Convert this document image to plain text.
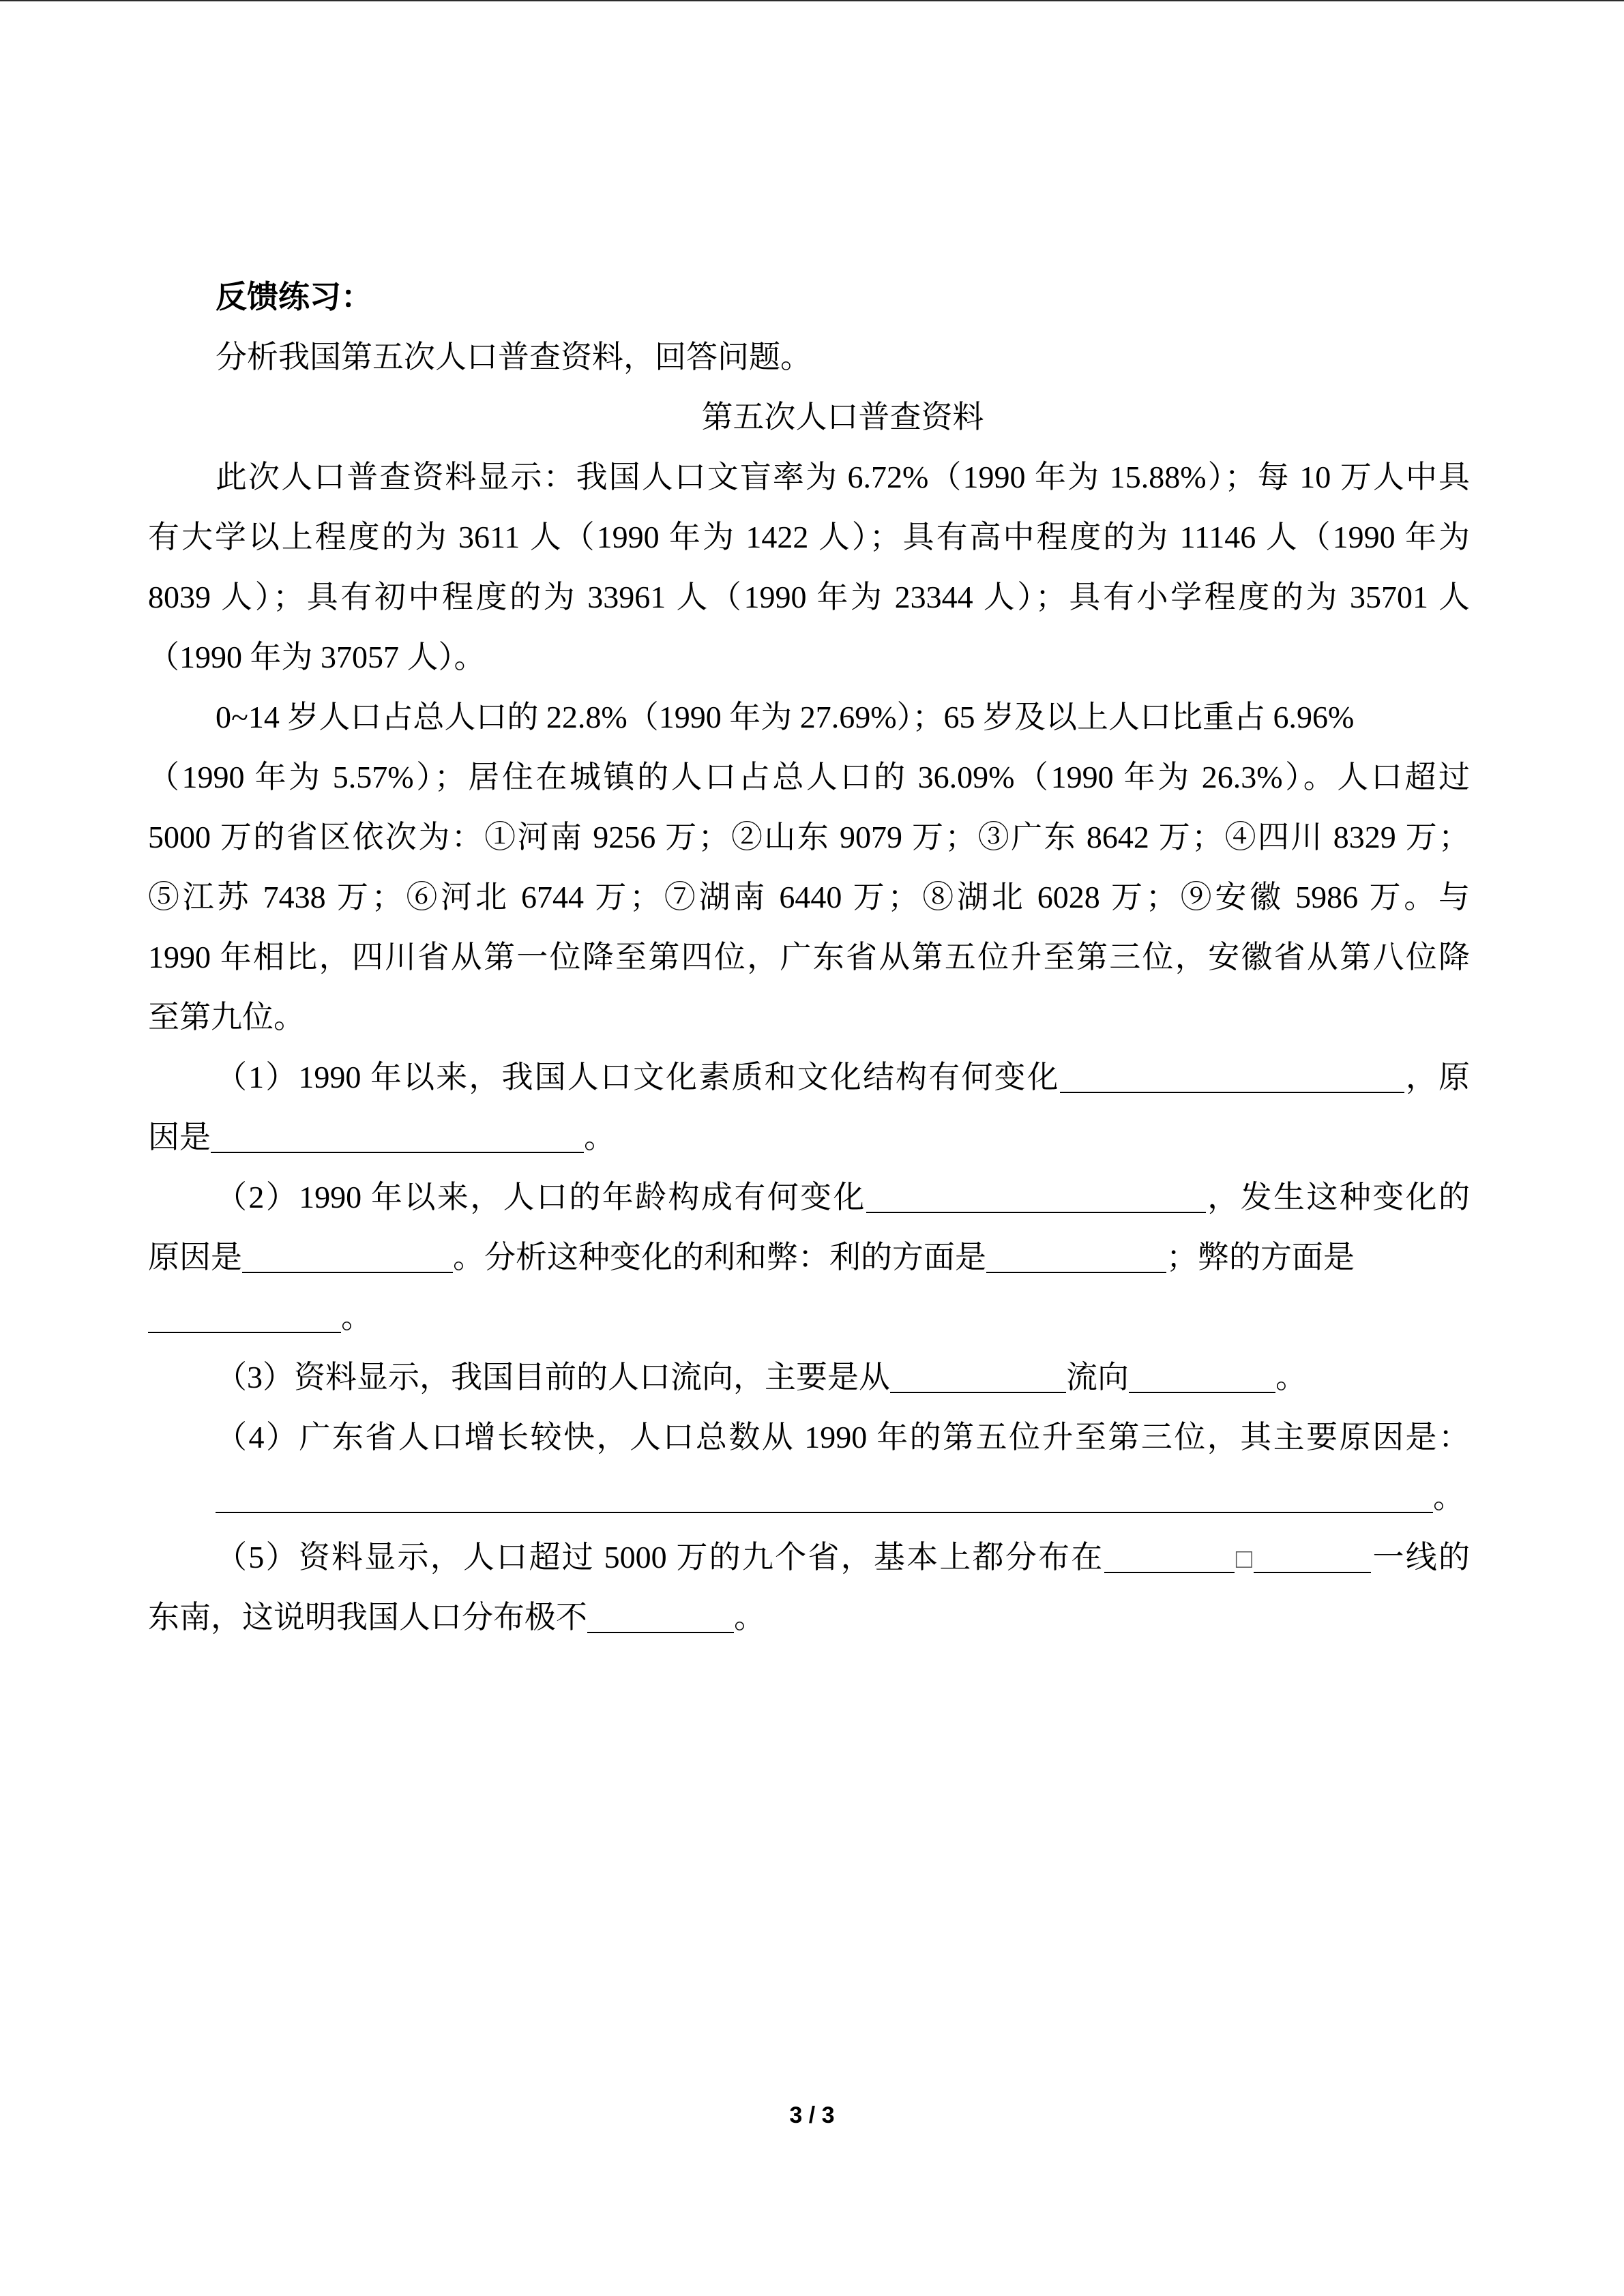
反馈练习：
分析我国第五次人口普查资料，回答问题。
第五次人口普查资料
此次人口普查资料显示：我国人口文盲率为 6.72%（1990 年为 15.88%）；每 10 万人中具
有大学以上程度的为 3611 人（1990 年为 1422 人）；具有高中程度的为 11146 人（1990 年为
8039 人）；具有初中程度的为 33961 人（1990 年为 23344 人）；具有小学程度的为 35701 人
（1990 年为 37057 人）。
0~14 岁人口占总人口的 22.8%（1990 年为 27.69%）；65 岁及以上人口比重占 6.96%
（1990 年为 5.57%）；居住在城镇的人口占总人口的 36.09%（1990 年为 26.3%）。人口超过
5000 万的省区依次为：①河南 9256 万；②山东 9079 万；③广东 8642 万；④四川 8329 万；
⑤江苏 7438 万；⑥河北 6744 万；⑦湖南 6440 万；⑧湖北 6028 万；⑨安徽 5986 万。与
1990 年相比，四川省从第一位降至第四位，广东省从第五位升至第三位，安徽省从第八位降
至第九位。
（1）1990 年以来，我国人口文化素质和文化结构有何变化	，原
因是	。
（2）1990 年以来，人口的年龄构成有何变化	，发生这种变化的
原因是	。分析这种变化的利和弊：利的方面是	；弊的方面是
。
（3）资料显示，我国目前的人口流向，主要是从	流向	。
（4）广东省人口增长较快，人口总数从 1990 年的第五位升至第三位，其主要原因是：
。
（5）资料显示，人口超过 5000 万的九个省，基本上都分布在	□	一线的
东南，这说明我国人口分布极不	。
3 / 3
